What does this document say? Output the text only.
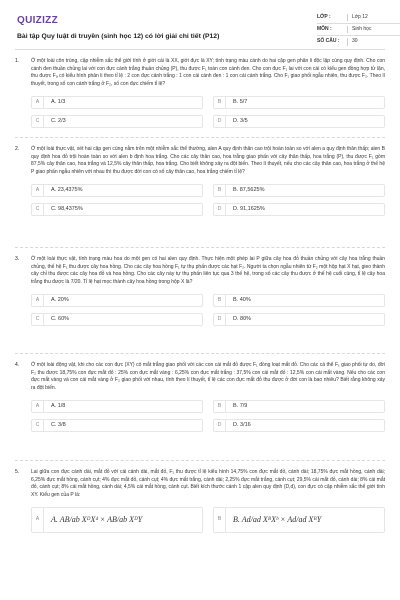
QUIZIZZ
Bài tập Quy luật di truyền (sinh học 12) có lời giải chi tiết (P12)
LỚP :	Lớp 12
MÔN :	Sinh học
SỐ CÂU :	30
1. Ở một loài côn trùng, cặp nhiễm sắc thể giới tính ở giới cái là XX, giới đực là XY; tính trạng màu cánh do hai cặp gen phân li độc lập cùng quy định. Cho con cánh đen thuần chủng lai với con đực cánh trắng thuần chủng (P), thu được F₁ toàn con cánh đen. Cho con đực F₁ lai với con cái có kiểu gen đồng hợp tử lặn, thu được Fₐ có kiểu hình phân li theo tỉ lệ : 2 con đực cánh trắng : 1 con cái cánh đen : 1 con cái cánh trắng. Cho F₁ giao phối ngẫu nhiên, thu được F₂. Theo lí thuyết, trong số con cánh trắng ở F₂, số con đực chiếm tỉ lệ?
A	A. 1/3	B	B. 5/7
C	C. 2/3	D	D. 3/5
2. Ở một loài thực vật, xét hai cặp gen cùng nằm trên một nhiễm sắc thể thường, alen A quy định thân cao trội hoàn toàn so với alen a quy định thân thấp; alen B quy định hoa đỏ trội hoàn toàn so với alen b định hoa trắng. Cho các cây thân cao, hoa trắng giao phấn với cây thân thấp, hoa trắng (P), thu được F₁ gồm 87,5% cây thân cao, hoa trắng và 12,5% cây thân thấp, hoa trắng. Cho biết không xảy ra đột biến. Theo lí thuyết, nếu cho các cây thân cao, hoa trắng ở thế hệ P giao phấn ngẫu nhiên với nhau thì thu được đời con có số cây thân cao, hoa trắng chiếm tỉ lệ?
A	A. 23,4375%	B	B. 87,5625%
C	C. 98,4375%	D	D. 91,1625%
3. Ở một loài thực vật, tính trạng màu hoa do một gen có hai alen quy định. Thực hiện một phép lai P giữa cây hoa đỏ thuần chủng với cây hoa trắng thuần chủng, thế hệ F₁ thu được cây hoa hồng. Cho các cây hoa hồng F₁ tự thụ phấn được các hạt F₂. Người ta chọn ngẫu nhiên từ F₂ một hộp hạt X hạt, gieo thành cây chỉ thu được các cây hoa đỏ và hoa hồng. Cho các cây này tự thụ phấn liên tục qua 3 thế hệ, trong số các cây thu được ở thế hệ cuối cùng, tỉ lệ cây hoa trắng thu được là 7/20. Tỉ lệ hạt mọc thành cây hoa hồng trong hộp X là?
A	A. 20%	B	B. 40%
C	C. 60%	D	D. 80%
4. Ở một loài động vật, khi cho các con đực (XY) có mắt trắng giao phối với các con cái mắt đỏ được F₁ đồng loạt mắt đỏ. Cho các cá thể F₁ giao phối tự do, đời F₂ thu được 18,75% con đực mắt đỏ : 25% con đực mắt vàng : 6,25% con đực mắt trắng : 37,5% con cái mắt đỏ : 12,5% con cái mắt vàng. Nếu cho các con đực mắt vàng và con cái mắt vàng ở F₂ giao phối với nhau, tính theo lí thuyết, tỉ lệ các con đực mắt đỏ thu được ở đời con là bao nhiêu? Biết rằng không xảy ra đột biến.
A	A. 1/8	B	B. 7/9
C	C. 3/8	D	D. 3/16
5. Lai giữa con đực cánh dài, mắt đỏ với cái cánh dài, mắt đỏ, F₁ thu được tỉ lệ kiểu hình 14,75% con đực mắt đỏ, cánh dài; 18,75% đực mắt hồng, cánh dài; 6,25% đực mắt hồng, cánh cụt; 4% đực mắt đỏ, cánh cụt; 4% đực mắt trắng, cánh dài; 2,25% đực mắt trắng, cánh cụt; 29,5% cái mắt đỏ, cánh dài; 8% cái mắt đỏ, cánh cụt; 8% cái mắt hồng, cánh dài; 4,5% cái mắt hồng, cánh cụt. Biết kích thước cánh 1 cặp alen quy định (D,d), con đực có cặp nhiễm sắc thể giới tính XY. Kiểu gen của P là:
A	A. AB/ab XᴰXᵈ × AB/ab XᴰY	B	B. Ad/ad XᴮXᵇ × Ad/ad XᴮY
